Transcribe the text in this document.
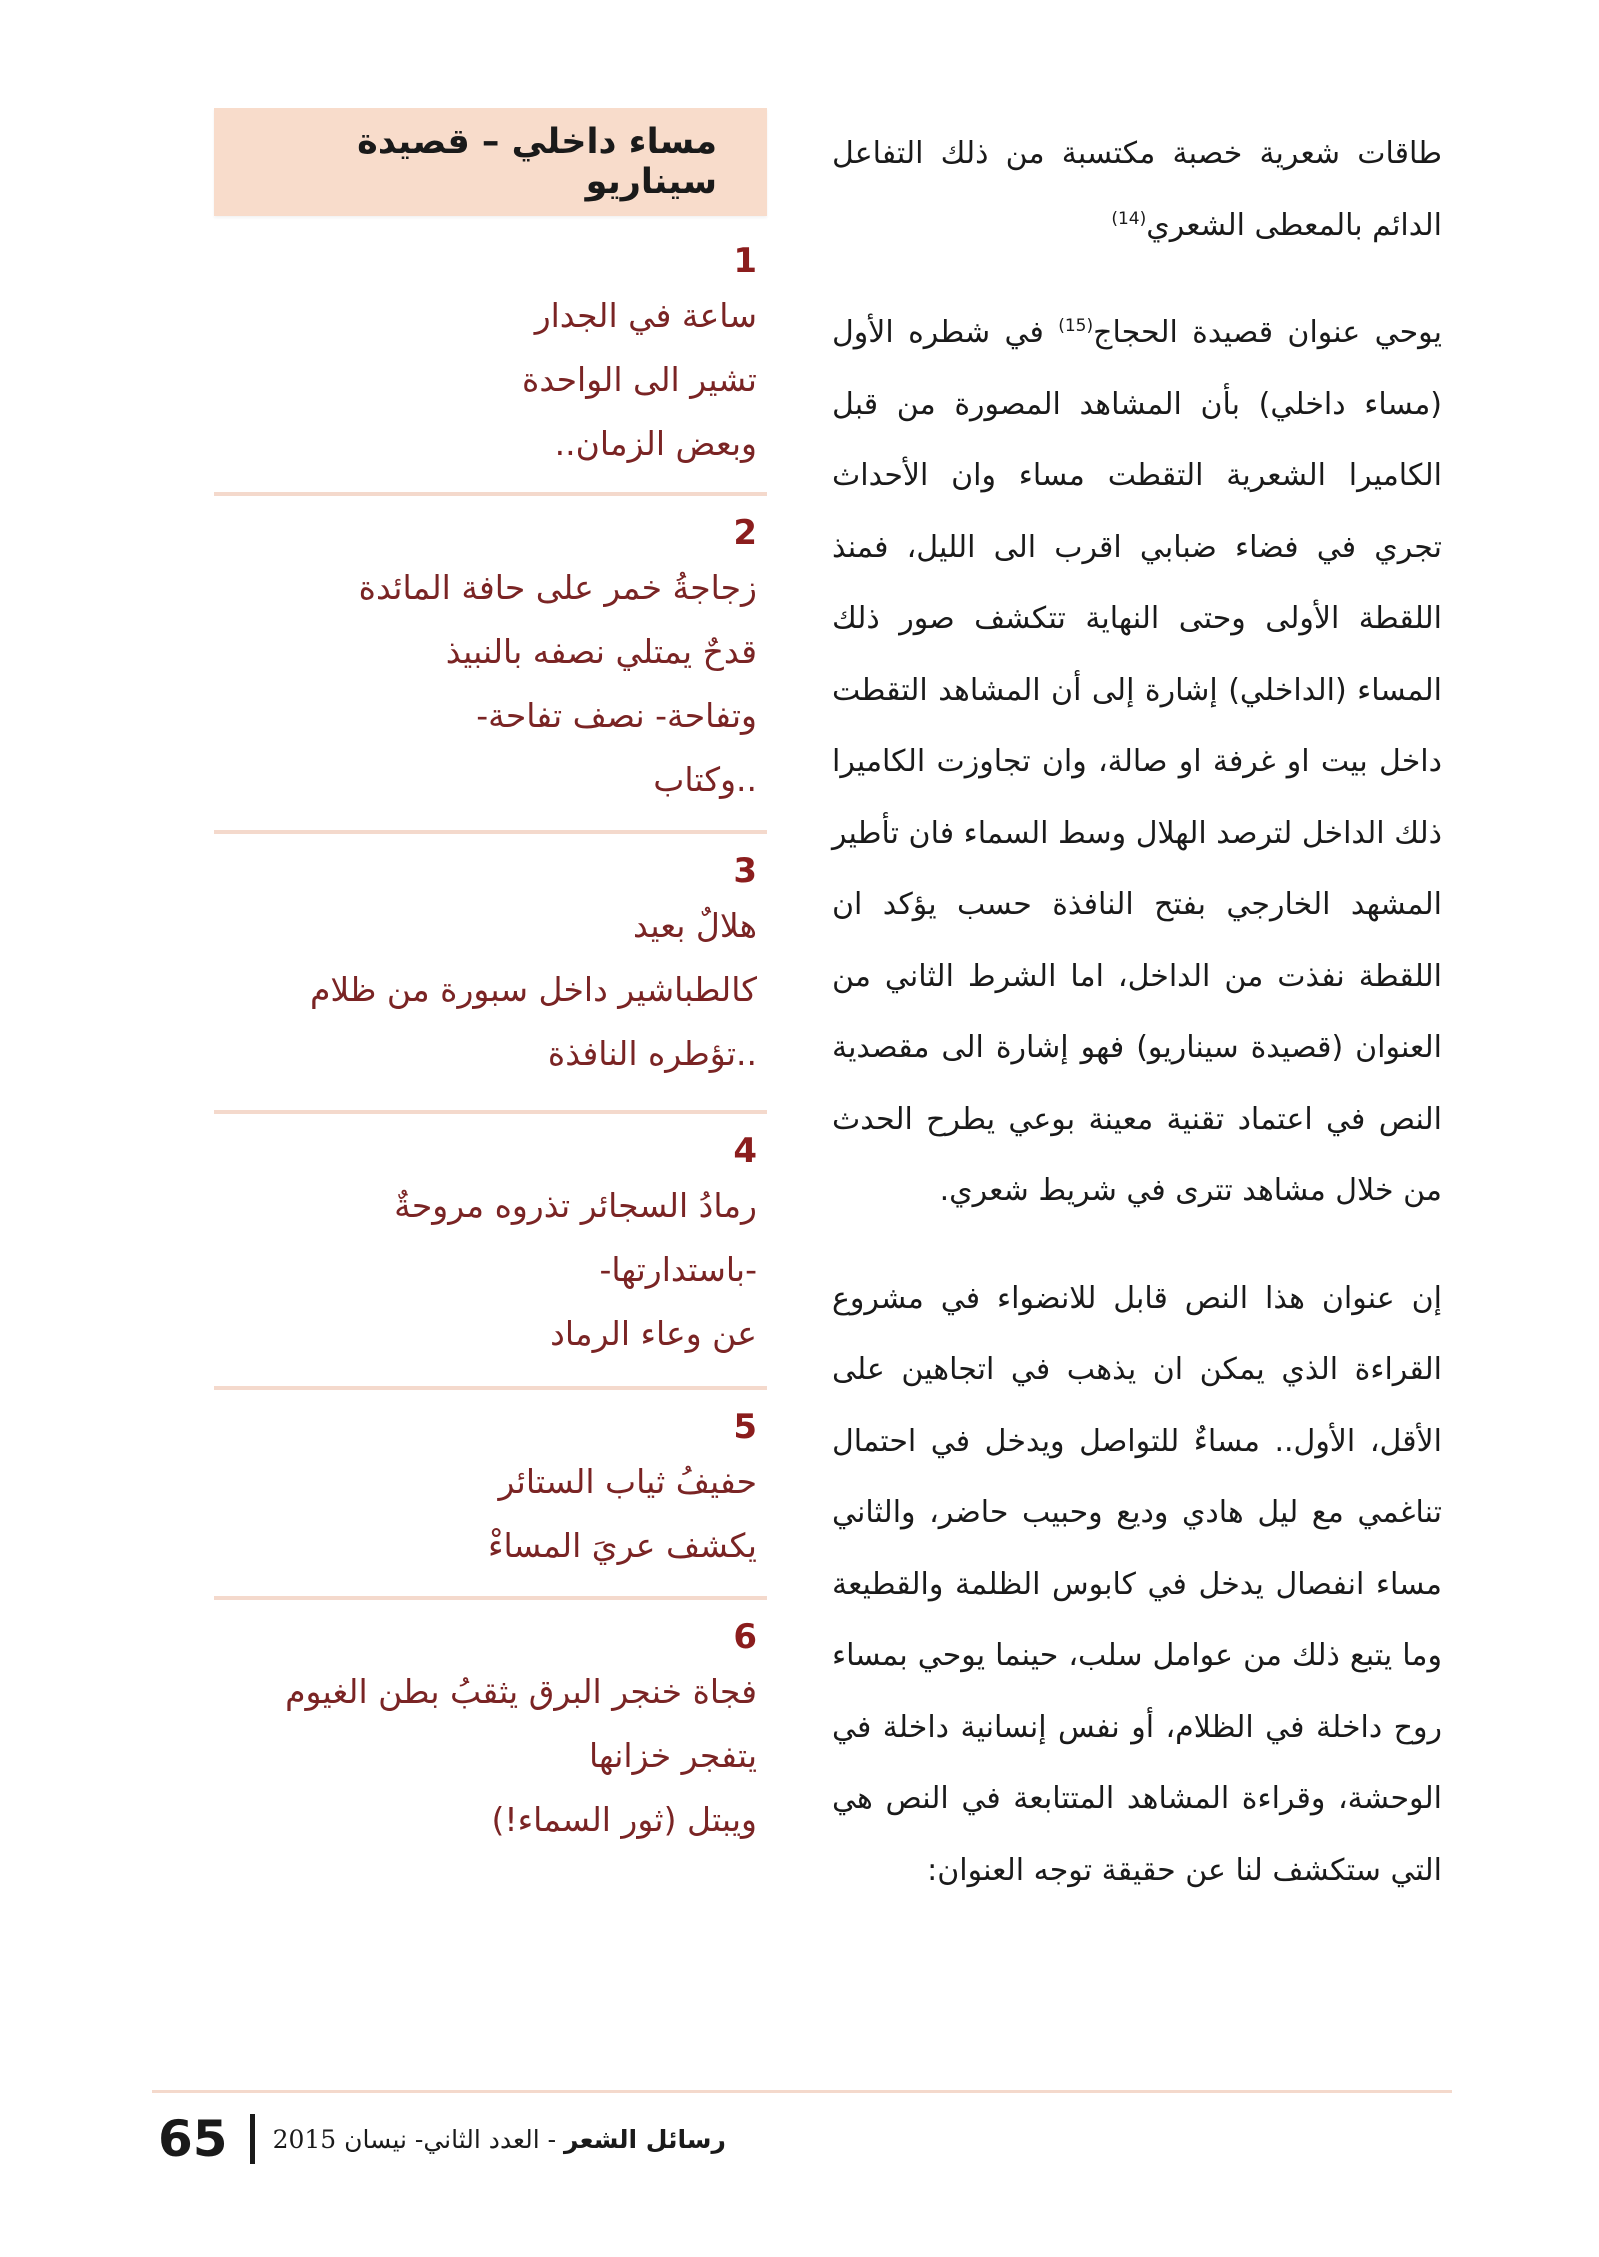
طاقات شعرية خصبة مكتسبة من ذلك التفاعل الدائم بالمعطى الشعري$^{(14)}$

يوحي عنوان قصيدة الحجاج$^{(15)}$ في شطره الأول (مساء داخلي) بأن المشاهد المصورة من قبل الكاميرا الشعرية التقطت مساء وان الأحداث تجري في فضاء ضبابي اقرب الى الليل، فمنذ اللقطة الأولى وحتى النهاية تتكشف صور ذلك المساء (الداخلي) إشارة إلى أن المشاهد التقطت داخل بيت او غرفة او صالة، وان تجاوزت الكاميرا ذلك الداخل لترصد الهلال وسط السماء فان تأطير المشهد الخارجي بفتح النافذة حسب يؤكد ان اللقطة نفذت من الداخل، اما الشرط الثاني من العنوان (قصيدة سيناريو) فهو إشارة الى مقصدية النص في اعتماد تقنية معينة بوعي يطرح الحدث من خلال مشاهد تترى في شريط شعري.

إن عنوان هذا النص قابل للانضواء في مشروع القراءة الذي يمكن ان يذهب في اتجاهين على الأقل، الأول.. مساءٌ للتواصل ويدخل في احتمال تناغمي مع ليل هادي وديع وحبيب حاضر، والثاني مساء انفصال يدخل في كابوس الظلمة والقطيعة وما يتبع ذلك من عوامل سلب، حينما يوحي بمساء روح داخلة في الظلام، أو نفس إنسانية داخلة في الوحشة، وقراءة المشاهد المتتابعة في النص هي التي ستكشف لنا عن حقيقة توجه العنوان:

مساء داخلي – قصيدة سيناريو
1
ساعة في الجدار
تشير الى الواحدة
وبعض الزمان..
2
زجاجةُ خمر على حافة المائدة
قدحٌ يمتلي نصفه بالنبيذ
وتفاحة- نصف تفاحة-
..وكتاب
3
هلالٌ بعيد
كالطباشير داخل سبورة من ظلام
..تؤطره النافذة
4
رمادُ السجائر تذروه مروحةٌ
-باستدارتها-
عن وعاء الرماد
5
حفيفُ ثياب الستائر
يكشف عريَ المساءْ
6
فجاة خنجر البرق يثقبُ بطن الغيوم
يتفجر خزانها
ويبتل (ثور السماء!)
65	رسائل الشعر - العدد الثاني- نيسان 2015
